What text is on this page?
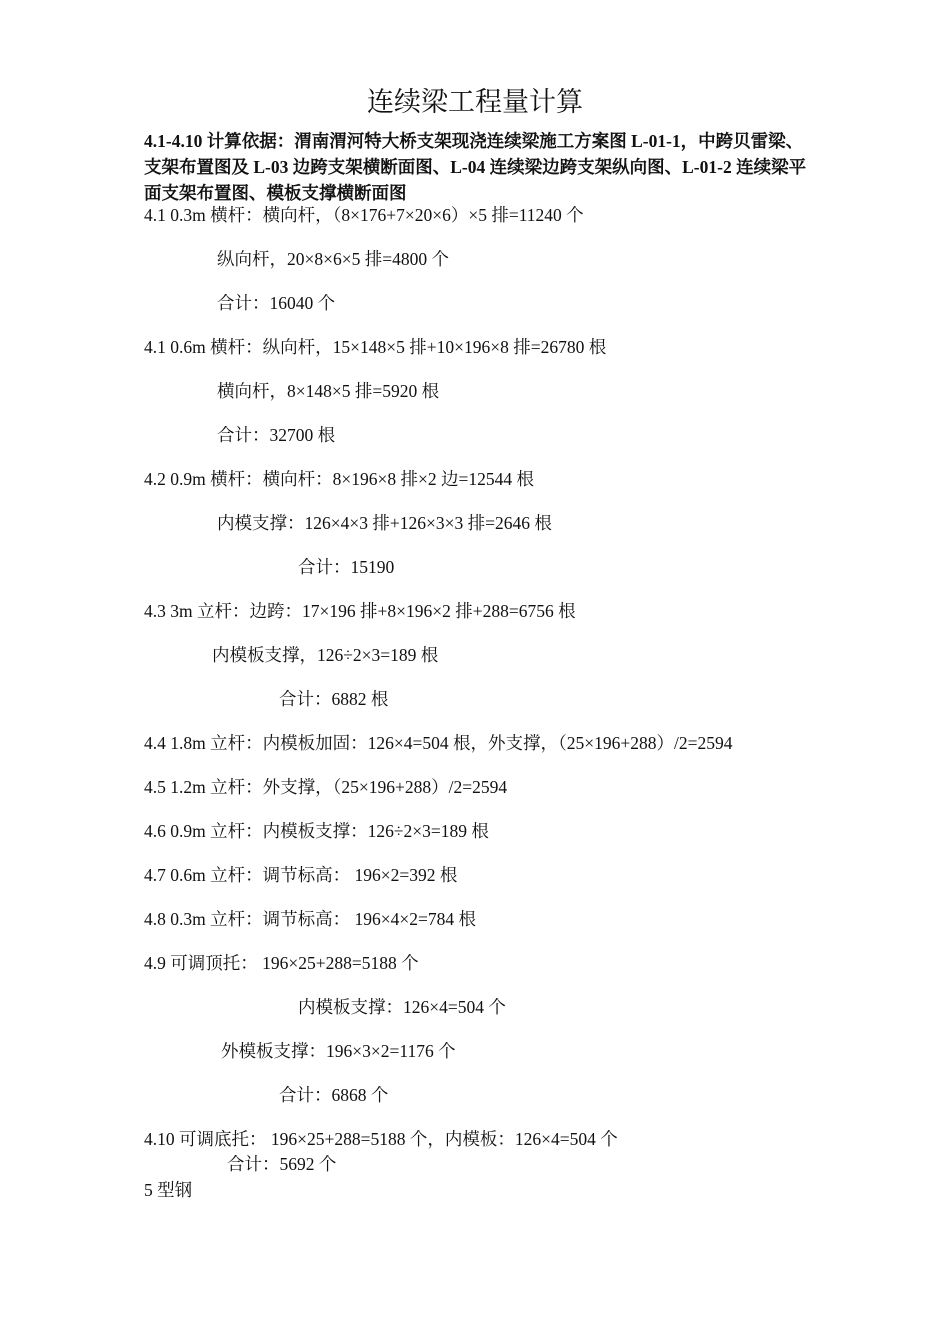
连续梁工程量计算
4.1-4.10 计算依据：渭南渭河特大桥支架现浇连续梁施工方案图 L-01-1，中跨贝雷梁、支架布置图及 L-03 边跨支架横断面图、L-04 连续梁边跨支架纵向图、L-01-2 连续梁平面支架布置图、模板支撑横断面图
4.1 0.3m 横杆：横向杆，（8×176+7×20×6）×5 排=11240 个
纵向杆，20×8×6×5 排=4800 个
合计：16040 个
4.1 0.6m 横杆：纵向杆，15×148×5 排+10×196×8 排=26780 根
横向杆，8×148×5 排=5920 根
合计：32700 根
4.2 0.9m 横杆：横向杆：8×196×8 排×2 边=12544 根
内模支撑：126×4×3 排+126×3×3 排=2646 根
合计：15190
4.3 3m 立杆：边跨：17×196 排+8×196×2 排+288=6756 根
内模板支撑，126÷2×3=189 根
合计：6882 根
4.4 1.8m 立杆：内模板加固：126×4=504 根，外支撑，（25×196+288）/2=2594
4.5 1.2m 立杆：外支撑，（25×196+288）/2=2594
4.6 0.9m 立杆：内模板支撑：126÷2×3=189 根
4.7 0.6m 立杆：调节标高： 196×2=392 根
4.8 0.3m 立杆：调节标高： 196×4×2=784 根
4.9 可调顶托： 196×25+288=5188 个
内模板支撑：126×4=504 个
外模板支撑：196×3×2=1176 个
合计：6868 个
4.10 可调底托： 196×25+288=5188 个，内模板：126×4=504 个
合计：5692 个
5 型钢
